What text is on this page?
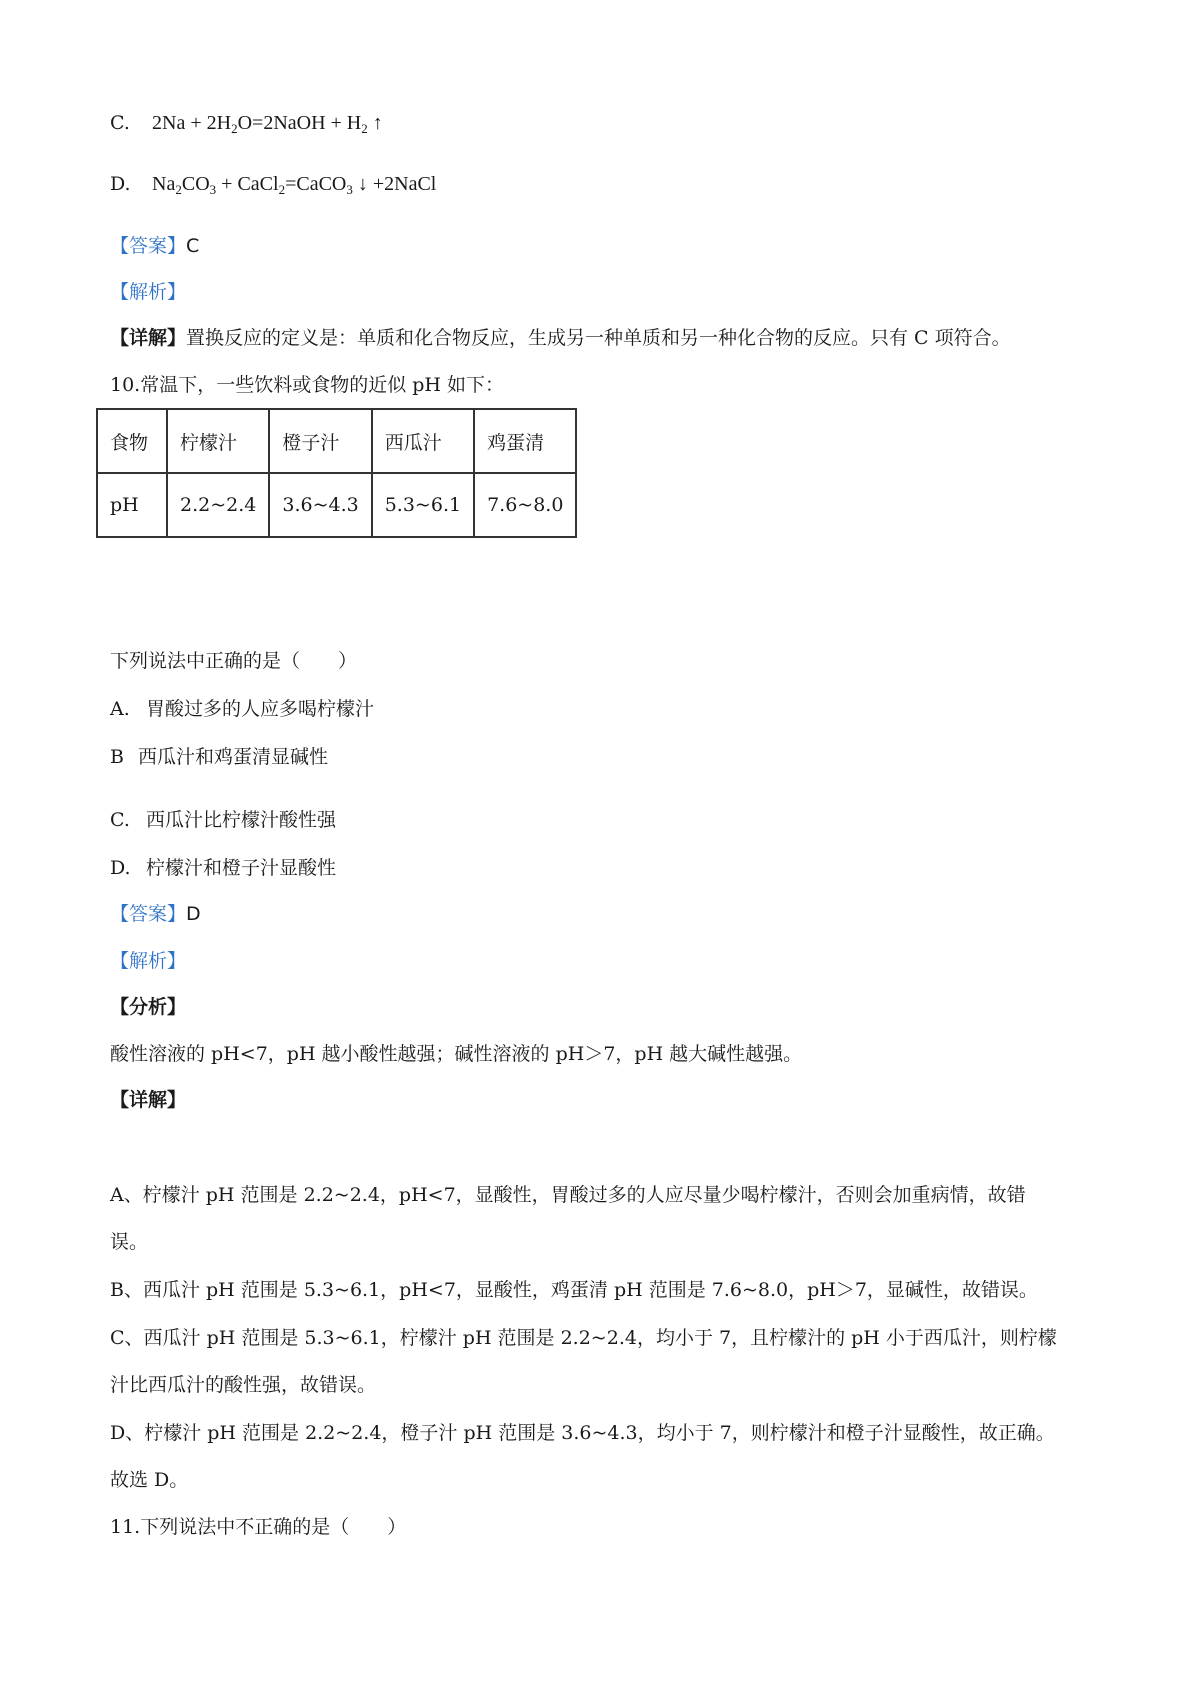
C. $2Na + 2H_2O=2NaOH + H_2$ ↑
D. $Na_2CO_3$ + CaCl$_2$=CaCO$_3$ ↓ +2NaCl
【答案】C
【解析】
【详解】置换反应的定义是：单质和化合物反应，生成另一种单质和另一种化合物的反应。只有 C 项符合。
10.常温下，一些饮料或食物的近似 pH 如下：
食物	柠檬汁	橙子汁	西瓜汁	鸡蛋清
pH	2.2~2.4	3.6~4.3	5.3~6.1	7.6~8.0
下列说法中正确的是（　　）
A. 胃酸过多的人应多喝柠檬汁
B 西瓜汁和鸡蛋清显碱性
C. 西瓜汁比柠檬汁酸性强
D. 柠檬汁和橙子汁显酸性
【答案】D
【解析】
【分析】
酸性溶液的 pH<7，pH 越小酸性越强；碱性溶液的 pH＞7，pH 越大碱性越强。
【详解】
A、柠檬汁 pH 范围是 2.2~2.4，pH<7，显酸性，胃酸过多的人应尽量少喝柠檬汁，否则会加重病情，故错
误。
B、西瓜汁 pH 范围是 5.3~6.1，pH<7，显酸性，鸡蛋清 pH 范围是 7.6~8.0，pH＞7，显碱性，故错误。
C、西瓜汁 pH 范围是 5.3~6.1，柠檬汁 pH 范围是 2.2~2.4，均小于 7，且柠檬汁的 pH 小于西瓜汁，则柠檬
汁比西瓜汁的酸性强，故错误。
D、柠檬汁 pH 范围是 2.2~2.4，橙子汁 pH 范围是 3.6~4.3，均小于 7，则柠檬汁和橙子汁显酸性，故正确。
故选 D。
11.下列说法中不正确的是（　　）
